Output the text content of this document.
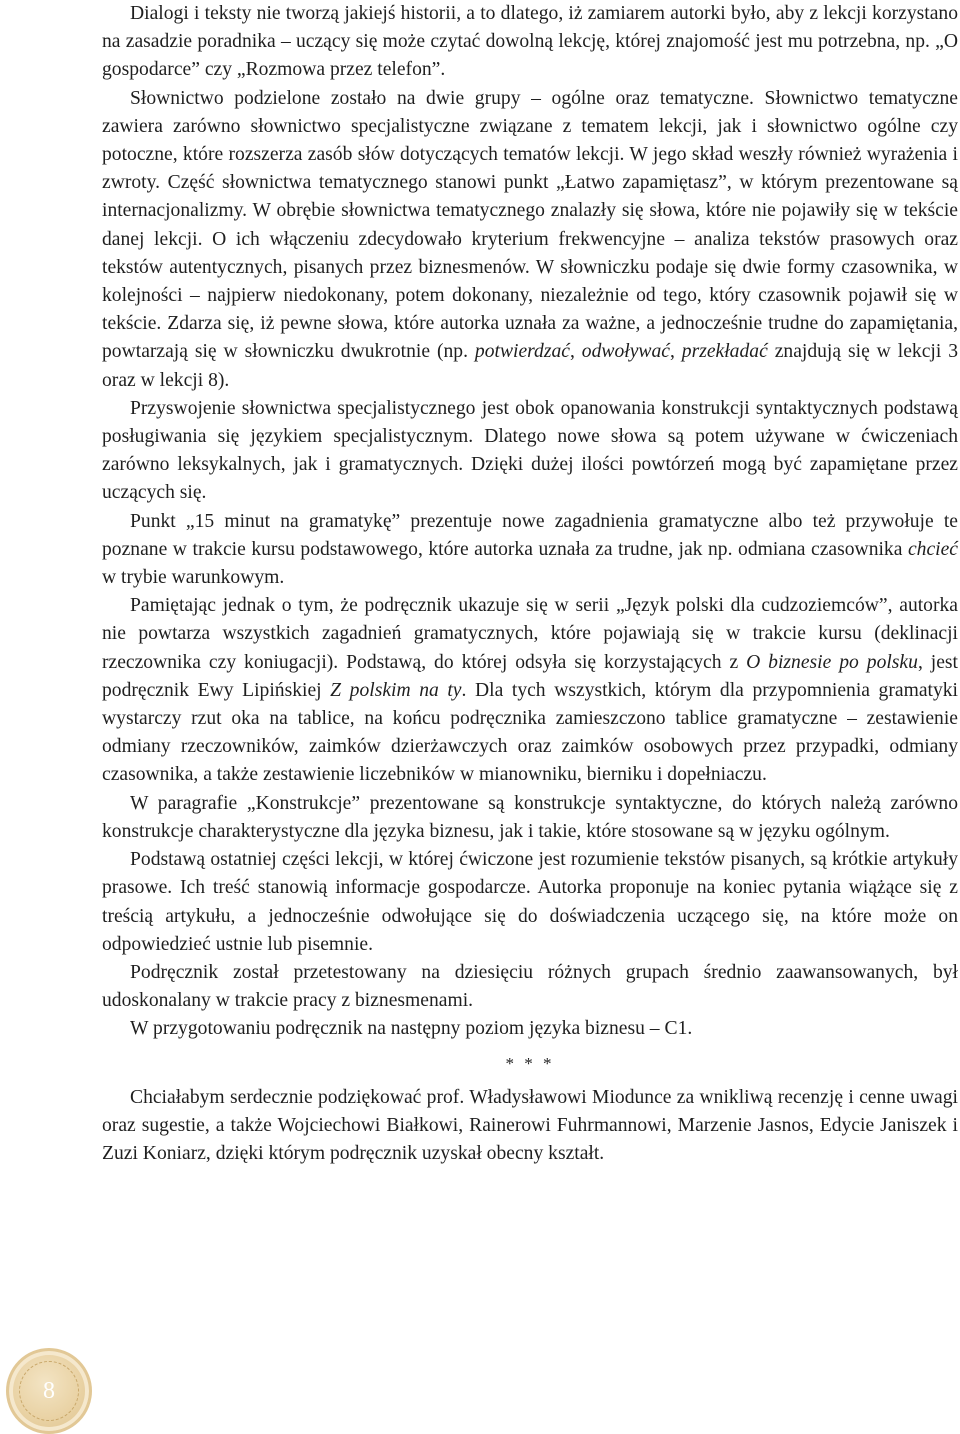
Dialogi i teksty nie tworzą jakiejś historii, a to dlatego, iż zamiarem autorki było, aby z lekcji korzystano na zasadzie poradnika – uczący się może czytać dowolną lekcję, której znajomość jest mu potrzebna, np. „O gospodarce” czy „Rozmowa przez telefon”.

Słownictwo podzielone zostało na dwie grupy – ogólne oraz tematyczne. Słownictwo tematyczne zawiera zarówno słownictwo specjalistyczne związane z tematem lekcji, jak i słownictwo ogólne czy potoczne, które rozszerza zasób słów dotyczących tematów lekcji. W jego skład weszły również wyrażenia i zwroty. Część słownictwa tematycznego stanowi punkt „Łatwo zapamiętasz”, w którym prezentowane są internacjonalizmy. W obrębie słownictwa tematycznego znalazły się słowa, które nie pojawiły się w tekście danej lekcji. O ich włączeniu zdecydowało kryterium frekwencyjne – analiza tekstów prasowych oraz tekstów autentycznych, pisanych przez biznesmenów. W słowniczku podaje się dwie formy czasownika, w kolejności – najpierw niedokonany, potem dokonany, niezależnie od tego, który czasownik pojawił się w tekście. Zdarza się, iż pewne słowa, które autorka uznała za ważne, a jednocześnie trudne do zapamiętania, powtarzają się w słowniczku dwukrotnie (np. potwierdzać, odwoływać, przekładać znajdują się w lekcji 3 oraz w lekcji 8).

Przyswojenie słownictwa specjalistycznego jest obok opanowania konstrukcji syntaktycznych podstawą posługiwania się językiem specjalistycznym. Dlatego nowe słowa są potem używane w ćwiczeniach zarówno leksykalnych, jak i gramatycznych. Dzięki dużej ilości powtórzeń mogą być zapamiętane przez uczących się.

Punkt „15 minut na gramatykę” prezentuje nowe zagadnienia gramatyczne albo też przywołuje te poznane w trakcie kursu podstawowego, które autorka uznała za trudne, jak np. odmiana czasownika chcieć w trybie warunkowym.

Pamiętając jednak o tym, że podręcznik ukazuje się w serii „Język polski dla cudzoziemców”, autorka nie powtarza wszystkich zagadnień gramatycznych, które pojawiają się w trakcie kursu (deklinacji rzeczownika czy koniugacji). Podstawą, do której odsyła się korzystających z O biznesie po polsku, jest podręcznik Ewy Lipińskiej Z polskim na ty. Dla tych wszystkich, którym dla przypomnienia gramatyki wystarczy rzut oka na tablice, na końcu podręcznika zamieszczono tablice gramatyczne – zestawienie odmiany rzeczowników, zaimków dzierżawczych oraz zaimków osobowych przez przypadki, odmiany czasownika, a także zestawienie liczebników w mianowniku, bierniku i dopełniaczu.

W paragrafie „Konstrukcje” prezentowane są konstrukcje syntaktyczne, do których należą zarówno konstrukcje charakterystyczne dla języka biznesu, jak i takie, które stosowane są w języku ogólnym.

Podstawą ostatniej części lekcji, w której ćwiczone jest rozumienie tekstów pisanych, są krótkie artykuły prasowe. Ich treść stanowią informacje gospodarcze. Autorka proponuje na koniec pytania wiążące się z treścią artykułu, a jednocześnie odwołujące się do doświadczenia uczącego się, na które może on odpowiedzieć ustnie lub pisemnie.

Podręcznik został przetestowany na dziesięciu różnych grupach średnio zaawansowanych, był udoskonalany w trakcie pracy z biznesmenami.

W przygotowaniu podręcznik na następny poziom języka biznesu – C1.

* * *

Chciałabym serdecznie podziękować prof. Władysławowi Miodunce za wnikliwą recenzję i cenne uwagi oraz sugestie, a także Wojciechowi Białkowi, Rainerowi Fuhrmannowi, Marzenie Jasnos, Edycie Janiszek i Zuzi Koniarz, dzięki którym podręcznik uzyskał obecny kształt.

8
